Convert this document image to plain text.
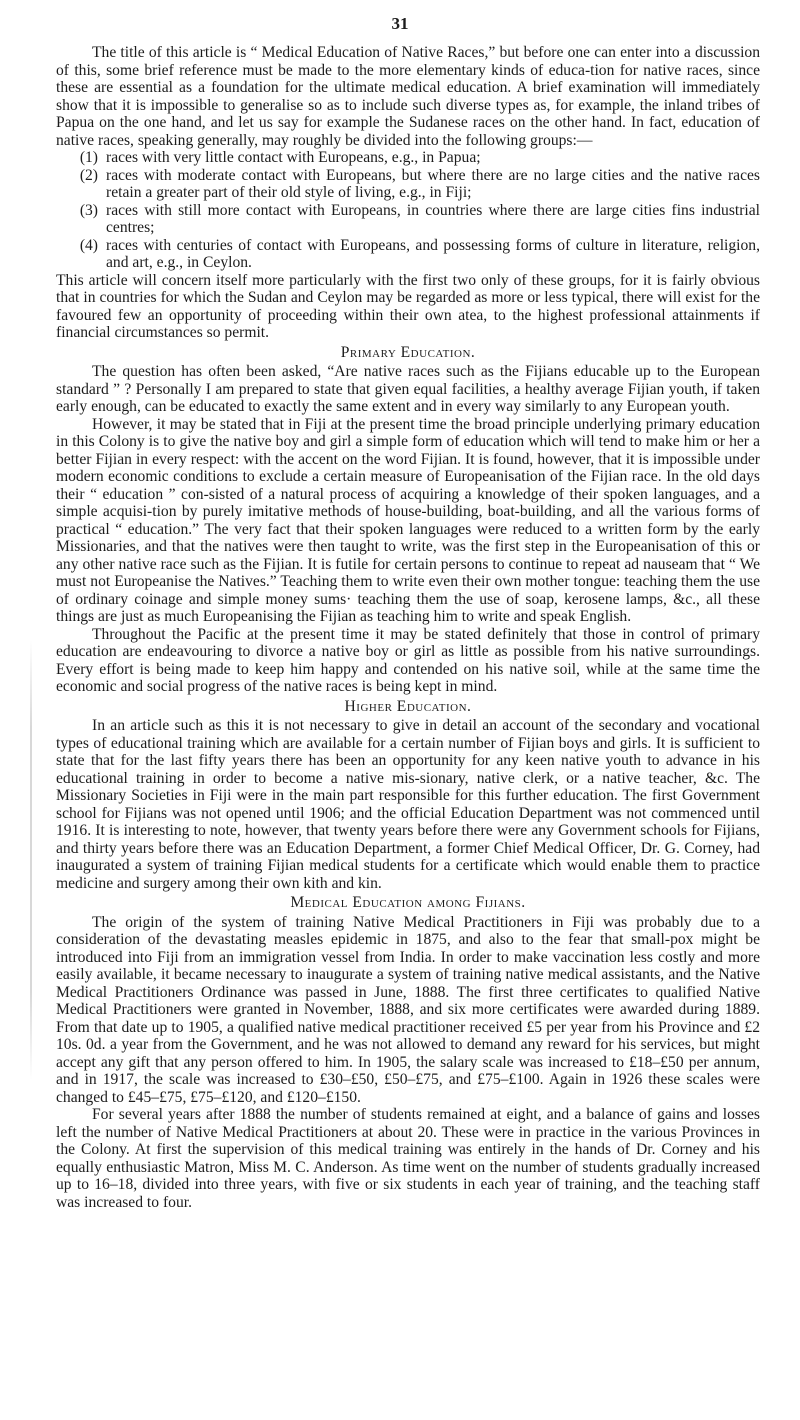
31

The title of this article is “ Medical Education of Native Races,” but before one can enter into a discussion of this, some brief reference must be made to the more elementary kinds of educa-tion for native races, since these are essential as a foundation for the ultimate medical education. A brief examination will immediately show that it is impossible to generalise so as to include such diverse types as, for example, the inland tribes of Papua on the one hand, and let us say for example the Sudanese races on the other hand. In fact, education of native races, speaking generally, may roughly be divided into the following groups:—

(1) races with very little contact with Europeans, e.g., in Papua;
(2) races with moderate contact with Europeans, but where there are no large cities and the native races retain a greater part of their old style of living, e.g., in Fiji;
(3) races with still more contact with Europeans, in countries where there are large cities fins industrial centres;
(4) races with centuries of contact with Europeans, and possessing forms of culture in literature, religion, and art, e.g., in Ceylon.

This article will concern itself more particularly with the first two only of these groups, for it is fairly obvious that in countries for which the Sudan and Ceylon may be regarded as more or less typical, there will exist for the favoured few an opportunity of proceeding within their own atea, to the highest professional attainments if financial circumstances so permit.

Primary Education.

The question has often been asked, “Are native races such as the Fijians educable up to the European standard ” ? Personally I am prepared to state that given equal facilities, a healthy average Fijian youth, if taken early enough, can be educated to exactly the same extent and in every way similarly to any European youth.

However, it may be stated that in Fiji at the present time the broad principle underlying primary education in this Colony is to give the native boy and girl a simple form of education which will tend to make him or her a better Fijian in every respect: with the accent on the word Fijian. It is found, however, that it is impossible under modern economic conditions to exclude a certain measure of Europeanisation of the Fijian race. In the old days their “ education ” con-sisted of a natural process of acquiring a knowledge of their spoken languages, and a simple acquisi-tion by purely imitative methods of house-building, boat-building, and all the various forms of practical “ education.” The very fact that their spoken languages were reduced to a written form by the early Missionaries, and that the natives were then taught to write, was the first step in the Europeanisation of this or any other native race such as the Fijian. It is futile for certain persons to continue to repeat ad nauseam that “ We must not Europeanise the Natives.” Teaching them to write even their own mother tongue: teaching them the use of ordinary coinage and simple money sums· teaching them the use of soap, kerosene lamps, &c., all these things are just as much Europeanising the Fijian as teaching him to write and speak English.

Throughout the Pacific at the present time it may be stated definitely that those in control of primary education are endeavouring to divorce a native boy or girl as little as possible from his native surroundings. Every effort is being made to keep him happy and contended on his native soil, while at the same time the economic and social progress of the native races is being kept in mind.

Higher Education.

In an article such as this it is not necessary to give in detail an account of the secondary and vocational types of educational training which are available for a certain number of Fijian boys and girls. It is sufficient to state that for the last fifty years there has been an opportunity for any keen native youth to advance in his educational training in order to become a native mis-sionary, native clerk, or a native teacher, &c. The Missionary Societies in Fiji were in the main part responsible for this further education. The first Government school for Fijians was not opened until 1906; and the official Education Department was not commenced until 1916. It is interesting to note, however, that twenty years before there were any Government schools for Fijians, and thirty years before there was an Education Department, a former Chief Medical Officer, Dr. G. Corney, had inaugurated a system of training Fijian medical students for a certificate which would enable them to practice medicine and surgery among their own kith and kin.

Medical Education among Fijians.

The origin of the system of training Native Medical Practitioners in Fiji was probably due to a consideration of the devastating measles epidemic in 1875, and also to the fear that small-pox might be introduced into Fiji from an immigration vessel from India. In order to make vaccination less costly and more easily available, it became necessary to inaugurate a system of training native medical assistants, and the Native Medical Practitioners Ordinance was passed in June, 1888. The first three certificates to qualified Native Medical Practitioners were granted in November, 1888, and six more certificates were awarded during 1889. From that date up to 1905, a qualified native medical practitioner received £5 per year from his Province and £2 10s. 0d. a year from the Government, and he was not allowed to demand any reward for his services, but might accept any gift that any person offered to him. In 1905, the salary scale was increased to £18–£50 per annum, and in 1917, the scale was increased to £30–£50, £50–£75, and £75–£100. Again in 1926 these scales were changed to £45–£75, £75–£120, and £120–£150.

For several years after 1888 the number of students remained at eight, and a balance of gains and losses left the number of Native Medical Practitioners at about 20. These were in practice in the various Provinces in the Colony. At first the supervision of this medical training was entirely in the hands of Dr. Corney and his equally enthusiastic Matron, Miss M. C. Anderson. As time went on the number of students gradually increased up to 16–18, divided into three years, with five or six students in each year of training, and the teaching staff was increased to four.
